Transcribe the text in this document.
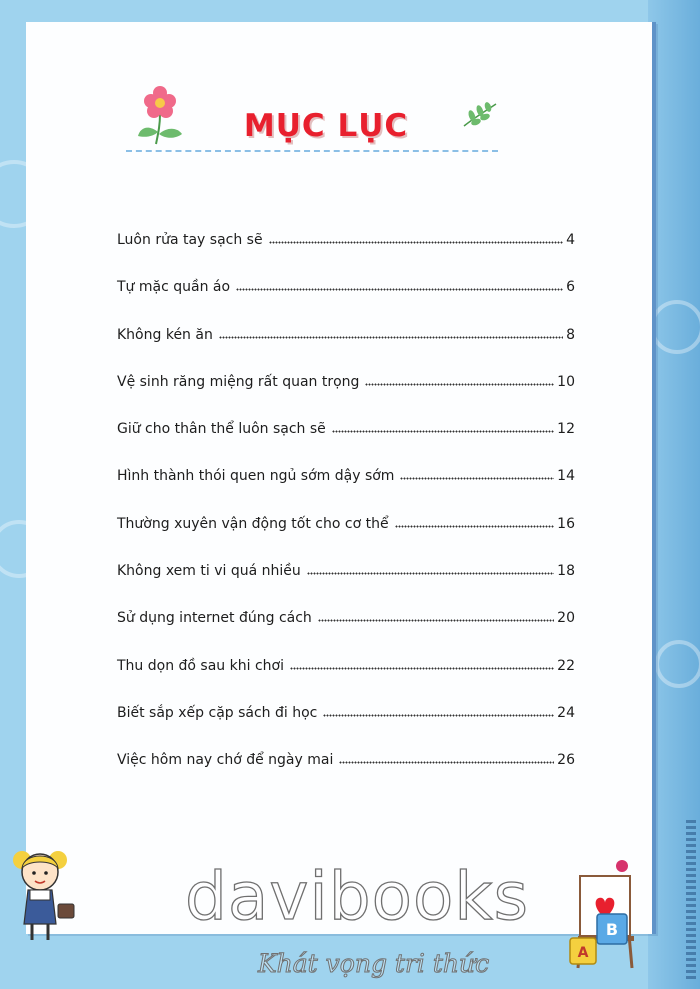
MỤC LỤC
Luôn rửa tay sạch sẽ	4
Tự mặc quần áo	6
Không kén ăn	8
Vệ sinh răng miệng rất quan trọng	10
Giữ cho thân thể luôn sạch sẽ	12
Hình thành thói quen ngủ sớm dậy sớm	14
Thường xuyên vận động tốt cho cơ thể	16
Không xem ti vi quá nhiều	18
Sử dụng internet đúng cách	20
Thu dọn đồ sau khi chơi	22
Biết sắp xếp cặp sách đi học	24
Việc hôm nay chớ để ngày mai	26
B
A
davibooks
Khát vọng tri thức
